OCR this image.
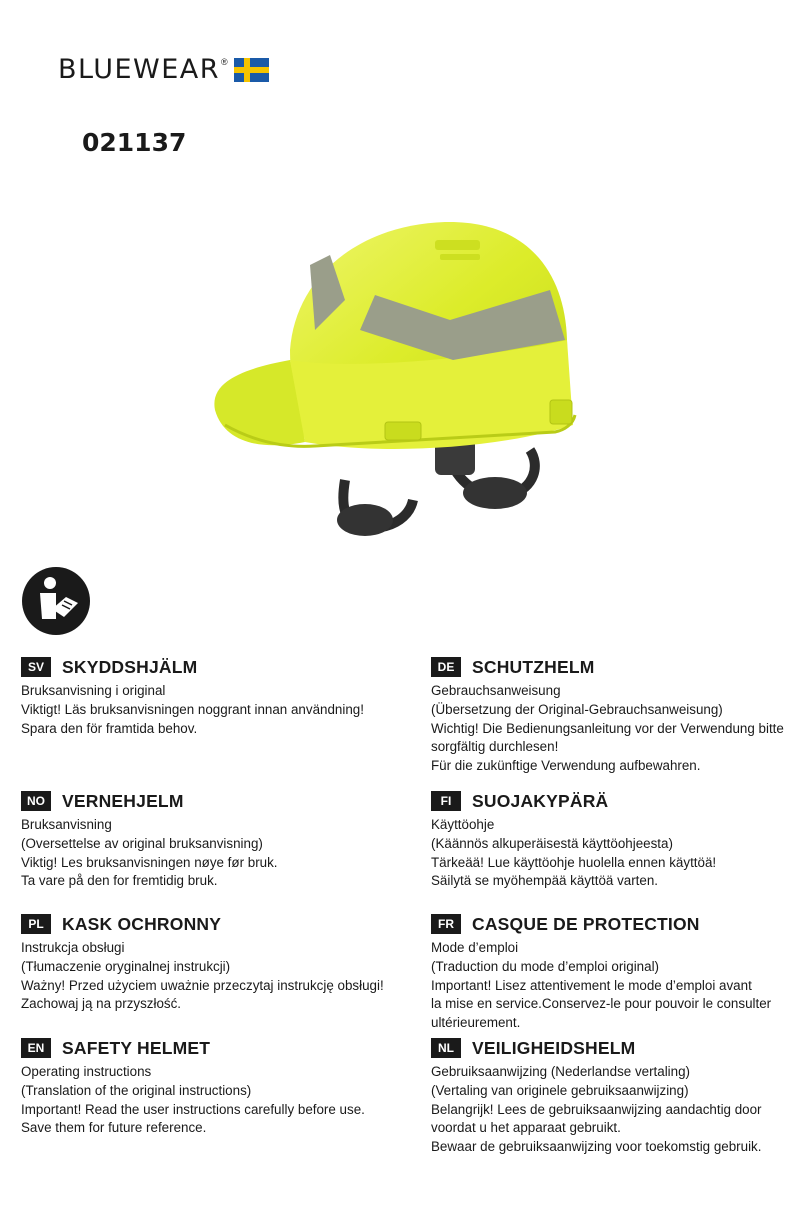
BLUEWEAR ®
021137
SV	SKYDDSHJÄLM
Bruksanvisning i original
Viktigt! Läs bruksanvisningen noggrant innan användning!
Spara den för framtida behov.
DE	SCHUTZHELM
Gebrauchsanweisung
(Übersetzung der Original-Gebrauchsanweisung)
Wichtig! Die Bedienungsanleitung vor der Verwendung bitte
sorgfältig durchlesen!
Für die zukünftige Verwendung aufbewahren.
NO VERNEHJELM
Bruksanvisning
(Oversettelse av original bruksanvisning)
Viktig! Les bruksanvisningen nøye før bruk.
Ta vare på den for fremtidig bruk.
FI	SUOJAKYPÄRÄ
Käyttöohje
(Käännös alkuperäisestä käyttöohjeesta)
Tärkeää! Lue käyttöohje huolella ennen käyttöä!
Säilytä se myöhempää käyttöä varten.
PL	KASK OCHRONNY
Instrukcja obsługi
(Tłumaczenie oryginalnej instrukcji)
Ważny! Przed użyciem uważnie przeczytaj instrukcję obsługi!
Zachowaj ją na przyszłość.
FR	CASQUE DE PROTECTION
Mode d’emploi
(Traduction du mode d’emploi original)
Important! Lisez attentivement le mode d’emploi avant
la mise en service.Conservez-le pour pouvoir le consulter
ultérieurement.
EN	SAFETY HELMET
Operating instructions
(Translation of the original instructions)
Important! Read the user instructions carefully before use.
Save them for future reference.
NL	VEILIGHEIDSHELM
Gebruiksaanwijzing (Nederlandse vertaling)
(Vertaling van originele gebruiksaanwijzing)
Belangrijk! Lees de gebruiksaanwijzing aandachtig door
voordat u het apparaat gebruikt.
Bewaar de gebruiksaanwijzing voor toekomstig gebruik.
